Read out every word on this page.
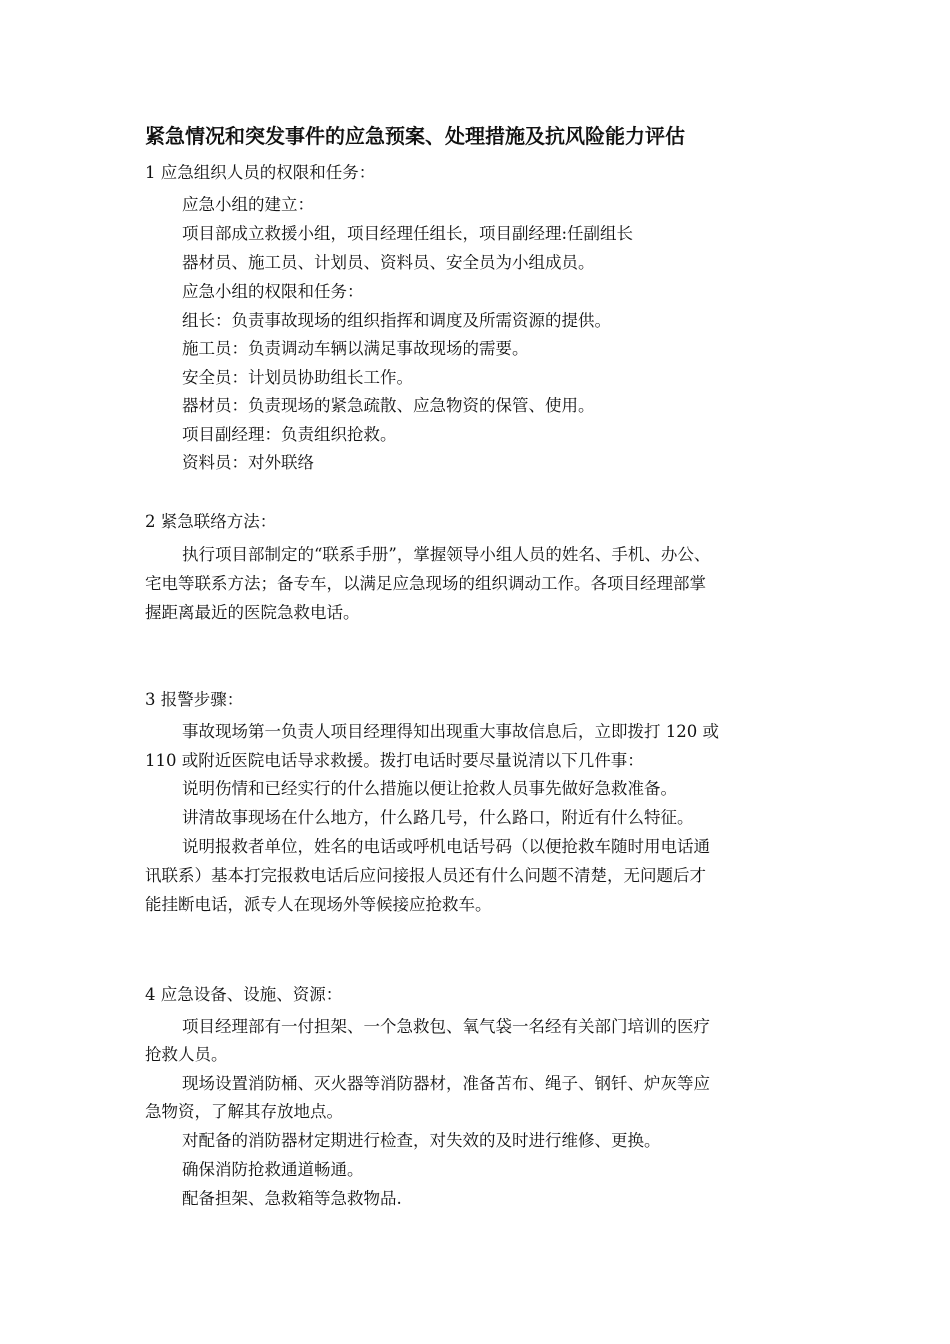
紧急情况和突发事件的应急预案、处理措施及抗风险能力评估
1 应急组织人员的权限和任务：
应急小组的建立：
项目部成立救援小组，项目经理任组长，项目副经理:任副组长
器材员、施工员、计划员、资料员、安全员为小组成员。
应急小组的权限和任务：
组长：负责事故现场的组织指挥和调度及所需资源的提供。
施工员：负责调动车辆以满足事故现场的需要。
安全员：计划员协助组长工作。
器材员：负责现场的紧急疏散、应急物资的保管、使用。
项目副经理：负责组织抢救。
资料员：对外联络
2 紧急联络方法：
执行项目部制定的“联系手册”，掌握领导小组人员的姓名、手机、办公、
宅电等联系方法；备专车，以满足应急现场的组织调动工作。各项目经理部掌
握距离最近的医院急救电话。
3 报警步骤：
事故现场第一负责人项目经理得知出现重大事故信息后，立即拨打 120 或
110 或附近医院电话导求救援。拨打电话时要尽量说清以下几件事：
说明伤情和已经实行的什么措施以便让抢救人员事先做好急救准备。
讲清故事现场在什么地方，什么路几号，什么路口，附近有什么特征。
说明报救者单位，姓名的电话或呼机电话号码（以便抢救车随时用电话通
讯联系）基本打完报救电话后应问接报人员还有什么问题不清楚，无问题后才
能挂断电话，派专人在现场外等候接应抢救车。
4 应急设备、设施、资源：
项目经理部有一付担架、一个急救包、氧气袋一名经有关部门培训的医疗
抢救人员。
现场设置消防桶、灭火器等消防器材，准备苫布、绳子、钢钎、炉灰等应
急物资，了解其存放地点。
对配备的消防器材定期进行检查，对失效的及时进行维修、更换。
确保消防抢救通道畅通。
配备担架、急救箱等急救物品.
